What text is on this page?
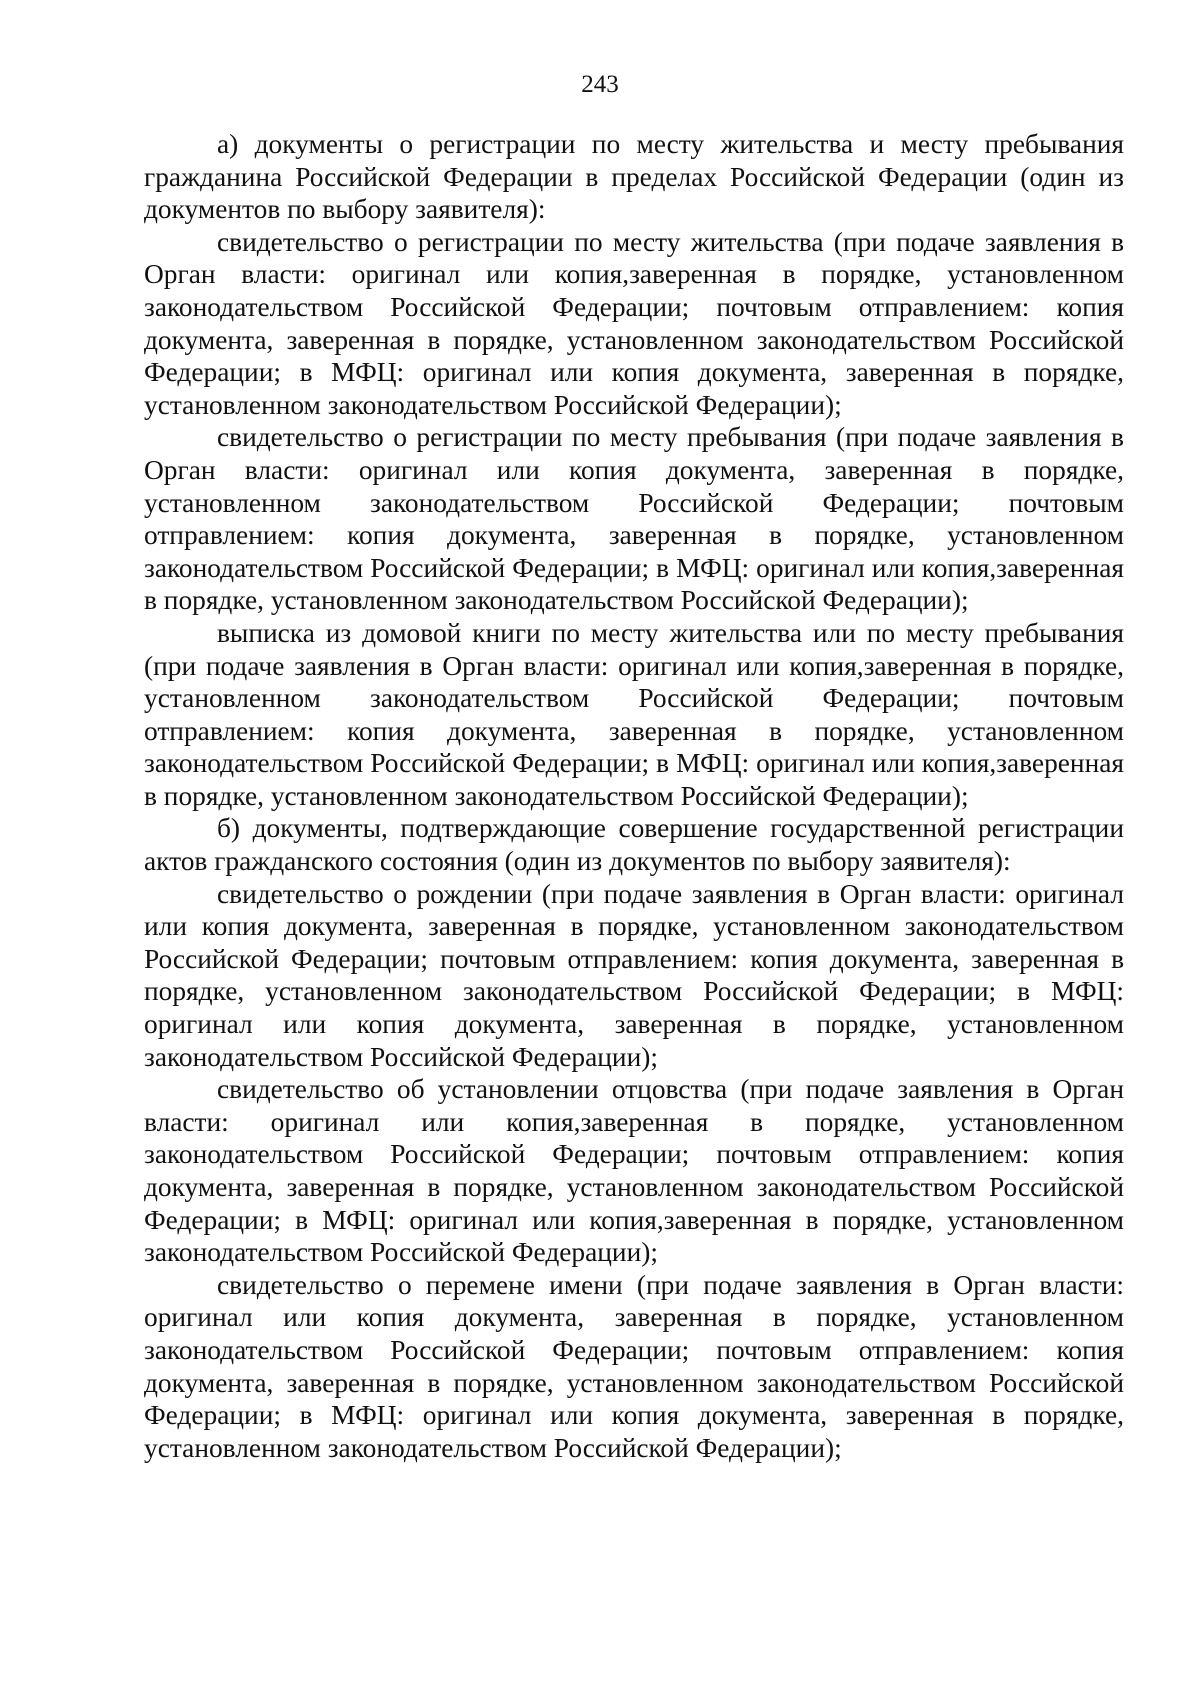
243

а) документы о регистрации по месту жительства и месту пребывания гражданина Российской Федерации в пределах Российской Федерации (один из документов по выбору заявителя):

свидетельство о регистрации по месту жительства (при подаче заявления в Орган власти: оригинал или копия,заверенная в порядке, установленном законодательством Российской Федерации; почтовым отправлением: копия документа, заверенная в порядке, установленном законодательством Российской Федерации; в МФЦ: оригинал или копия документа, заверенная в порядке, установленном законодательством Российской Федерации);

свидетельство о регистрации по месту пребывания (при подаче заявления в Орган власти: оригинал или копия документа, заверенная в порядке, установленном законодательством Российской Федерации; почтовым отправлением: копия документа, заверенная в порядке, установленном законодательством Российской Федерации; в МФЦ: оригинал или копия,заверенная в порядке, установленном законодательством Российской Федерации);

выписка из домовой книги по месту жительства или по месту пребывания (при подаче заявления в Орган власти: оригинал или копия,заверенная в порядке, установленном законодательством Российской Федерации; почтовым отправлением: копия документа, заверенная в порядке, установленном законодательством Российской Федерации; в МФЦ: оригинал или копия,заверенная в порядке, установленном законодательством Российской Федерации);

б) документы, подтверждающие совершение государственной регистрации актов гражданского состояния (один из документов по выбору заявителя):

свидетельство о рождении (при подаче заявления в Орган власти: оригинал или копия документа, заверенная в порядке, установленном законодательством Российской Федерации; почтовым отправлением: копия документа, заверенная в порядке, установленном законодательством Российской Федерации; в МФЦ: оригинал или копия документа, заверенная в порядке, установленном законодательством Российской Федерации);

свидетельство об установлении отцовства (при подаче заявления в Орган власти: оригинал или копия,заверенная в порядке, установленном законодательством Российской Федерации; почтовым отправлением: копия документа, заверенная в порядке, установленном законодательством Российской Федерации; в МФЦ: оригинал или копия,заверенная в порядке, установленном законодательством Российской Федерации);

свидетельство о перемене имени (при подаче заявления в Орган власти: оригинал или копия документа, заверенная в порядке, установленном законодательством Российской Федерации; почтовым отправлением: копия документа, заверенная в порядке, установленном законодательством Российской Федерации; в МФЦ: оригинал или копия документа, заверенная в порядке, установленном законодательством Российской Федерации);
